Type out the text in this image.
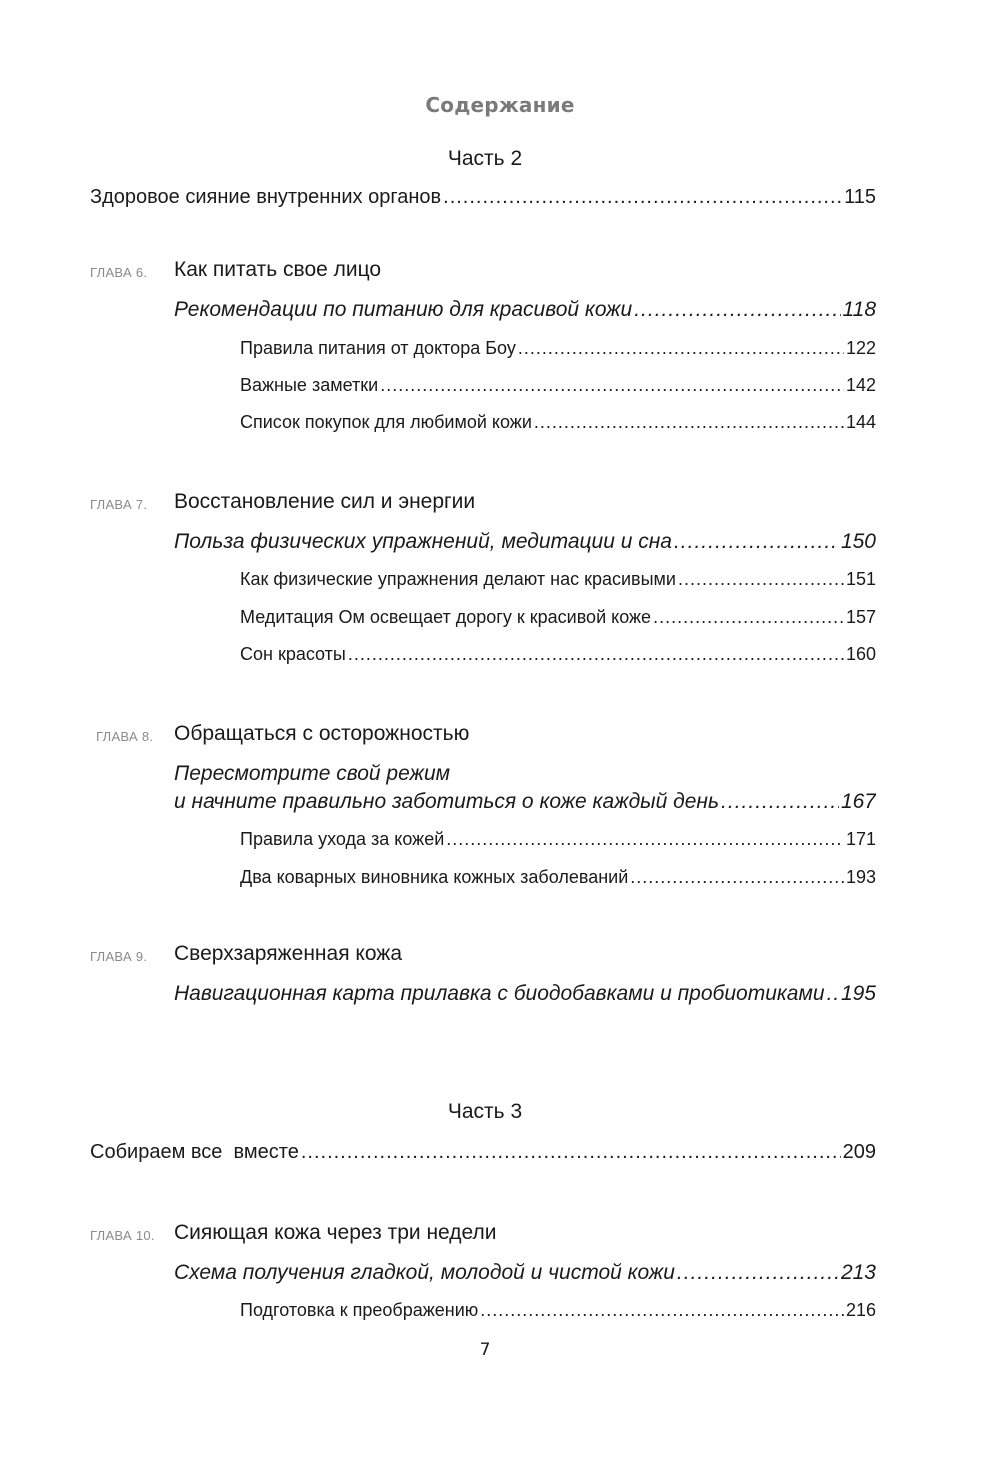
Содержание
Часть 2
Здоровое сияние внутренних органов .....	115
ГЛАВА 6. Как питать свое лицо
Рекомендации по питанию для красивой кожи .....	118
Правила питания от доктора Боу .....	122
Важные заметки .....	142
Список покупок для любимой кожи .....	144
ГЛАВА 7. Восстановление сил и энергии
Польза физических упражнений, медитации и сна .....	150
Как физические упражнения делают нас красивыми .....	151
Медитация Ом освещает дорогу к красивой коже .....	157
Сон красоты .....	160
ГЛАВА 8. Обращаться с осторожностью
Пересмотрите свой режим
и начните правильно заботиться о коже каждый день .....	167
Правила ухода за кожей .....	171
Два коварных виновника кожных заболеваний .....	193
ГЛАВА 9. Сверхзаряженная кожа
Навигационная карта прилавка с биодобавками и пробиотиками ..... 195
Часть 3
Собираем все  вместе .....	209
ГЛАВА 10. Сияющая кожа через три недели
Схема получения гладкой, молодой и чистой кожи .....	213
Подготовка к преображению .....	216
7
